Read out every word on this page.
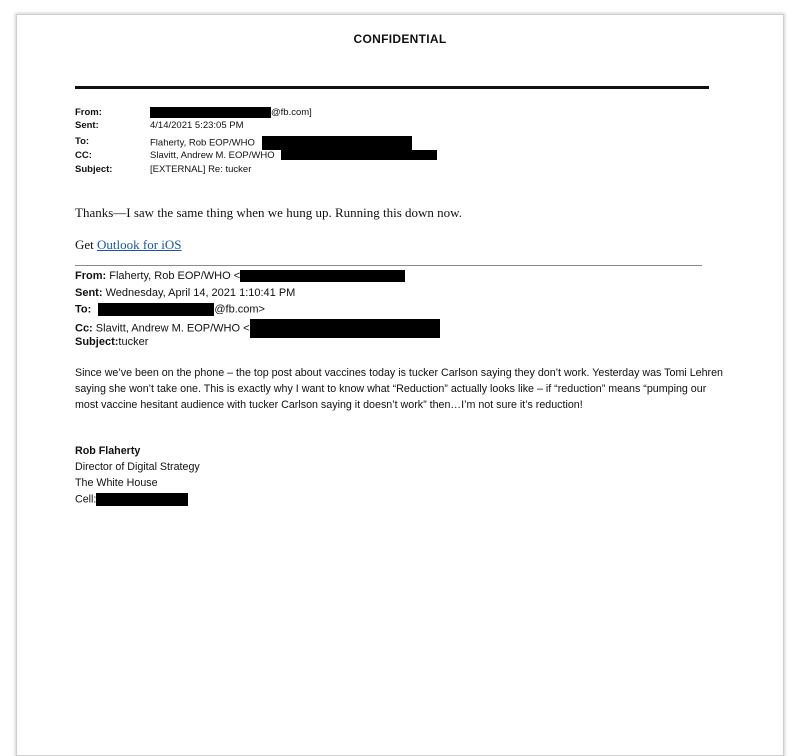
CONFIDENTIAL
From:	@fb.com]
Sent:	4/14/2021 5:23:05 PM
To:	Flaherty, Rob EOP/WHO
CC:	Slavitt, Andrew M. EOP/WHO
Subject:	[EXTERNAL] Re: tucker
Thanks—I saw the same thing when we hung up. Running this down now.
Get Outlook for iOS
From: Flaherty, Rob EOP/WHO <
Sent: Wednesday, April 14, 2021 1:10:41 PM
To:	@fb.com>
Cc: Slavitt, Andrew M. EOP/WHO <
Subject:tucker
Since we’ve been on the phone – the top post about vaccines today is tucker Carlson saying they don’t work. Yesterday was Tomi Lehren saying she won’t take one. This is exactly why I want to know what “Reduction” actually looks like – if “reduction” means “pumping our most vaccine hesitant audience with tucker Carlson saying it doesn’t work” then…I’m not sure it’s reduction!
Rob Flaherty
Director of Digital Strategy
The White House
Cell:
